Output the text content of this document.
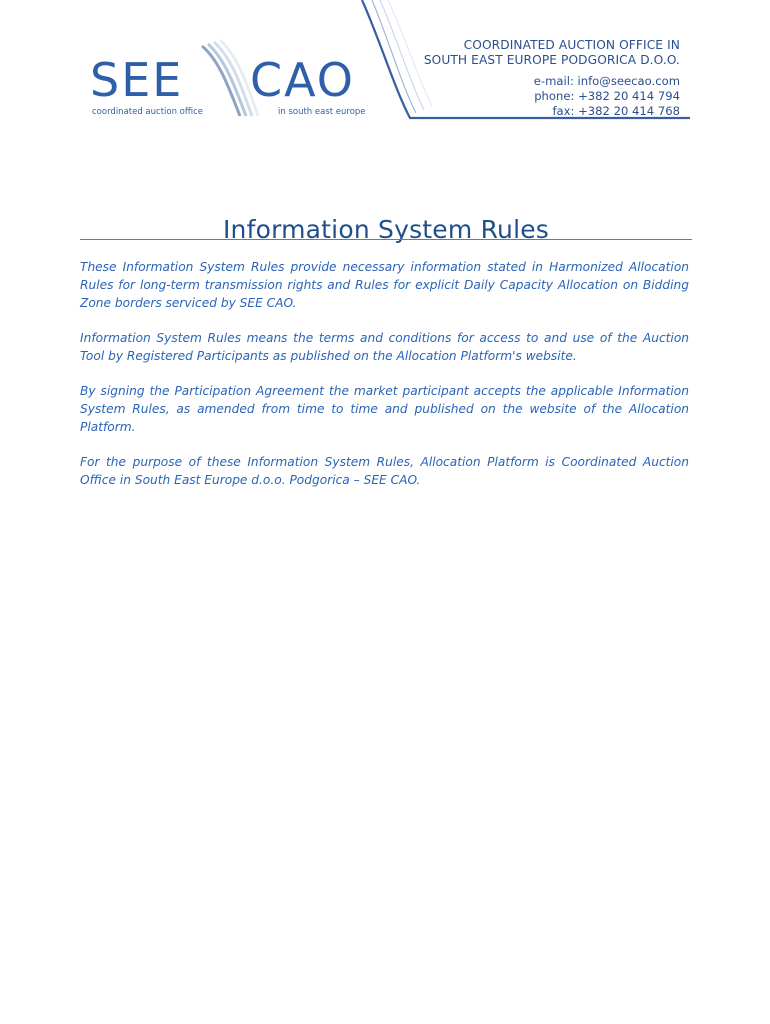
SEE CAO
coordinated auction office	in south east europe
COORDINATED AUCTION OFFICE IN
SOUTH EAST EUROPE PODGORICA D.O.O.
e-mail: info@seecao.com
phone: +382 20 414 794
fax: +382 20 414 768
Information System Rules

These Information System Rules provide necessary information stated in Harmonized Allocation Rules for long-term transmission rights and Rules for explicit Daily Capacity Allocation on Bidding Zone borders serviced by SEE CAO.

Information System Rules means the terms and conditions for access to and use of the Auction Tool by Registered Participants as published on the Allocation Platform's website.

By signing the Participation Agreement the market participant accepts the applicable Information System Rules, as amended from time to time and published on the website of the Allocation Platform.

For the purpose of these Information System Rules, Allocation Platform is Coordinated Auction Office in South East Europe d.o.o. Podgorica – SEE CAO.
